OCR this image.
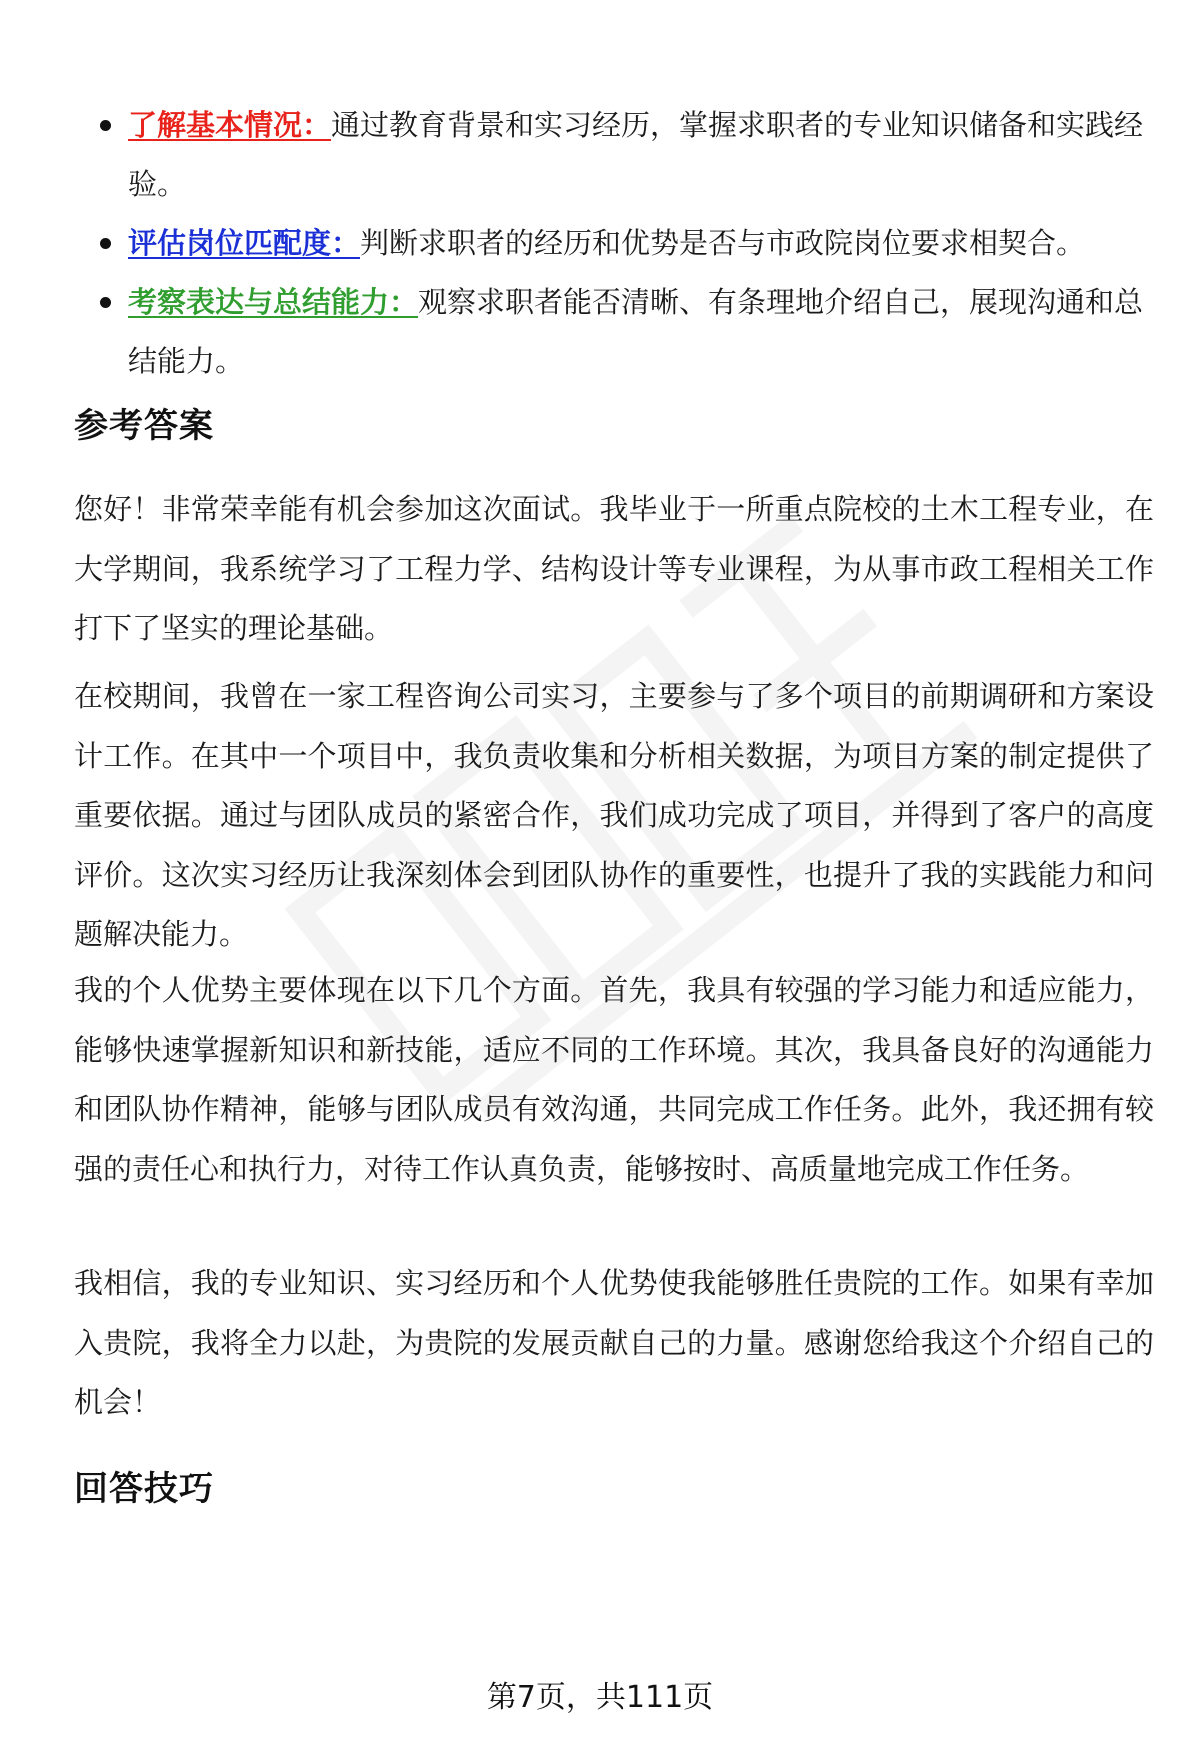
了解基本情况：通过教育背景和实习经历，掌握求职者的专业知识储备和实践经验。
评估岗位匹配度：判断求职者的经历和优势是否与市政院岗位要求相契合。
考察表达与总结能力：观察求职者能否清晰、有条理地介绍自己，展现沟通和总结能力。
参考答案

您好！非常荣幸能有机会参加这次面试。我毕业于一所重点院校的土木工程专业，在大学期间，我系统学习了工程力学、结构设计等专业课程，为从事市政工程相关工作打下了坚实的理论基础。

在校期间，我曾在一家工程咨询公司实习，主要参与了多个项目的前期调研和方案设计工作。在其中一个项目中，我负责收集和分析相关数据，为项目方案的制定提供了重要依据。通过与团队成员的紧密合作，我们成功完成了项目，并得到了客户的高度评价。这次实习经历让我深刻体会到团队协作的重要性，也提升了我的实践能力和问题解决能力。

我的个人优势主要体现在以下几个方面。首先，我具有较强的学习能力和适应能力，能够快速掌握新知识和新技能，适应不同的工作环境。其次，我具备良好的沟通能力和团队协作精神，能够与团队成员有效沟通，共同完成工作任务。此外，我还拥有较强的责任心和执行力，对待工作认真负责，能够按时、高质量地完成工作任务。

我相信，我的专业知识、实习经历和个人优势使我能够胜任贵院的工作。如果有幸加入贵院，我将全力以赴，为贵院的发展贡献自己的力量。感谢您给我这个介绍自己的机会！

回答技巧
第7页，共111页
